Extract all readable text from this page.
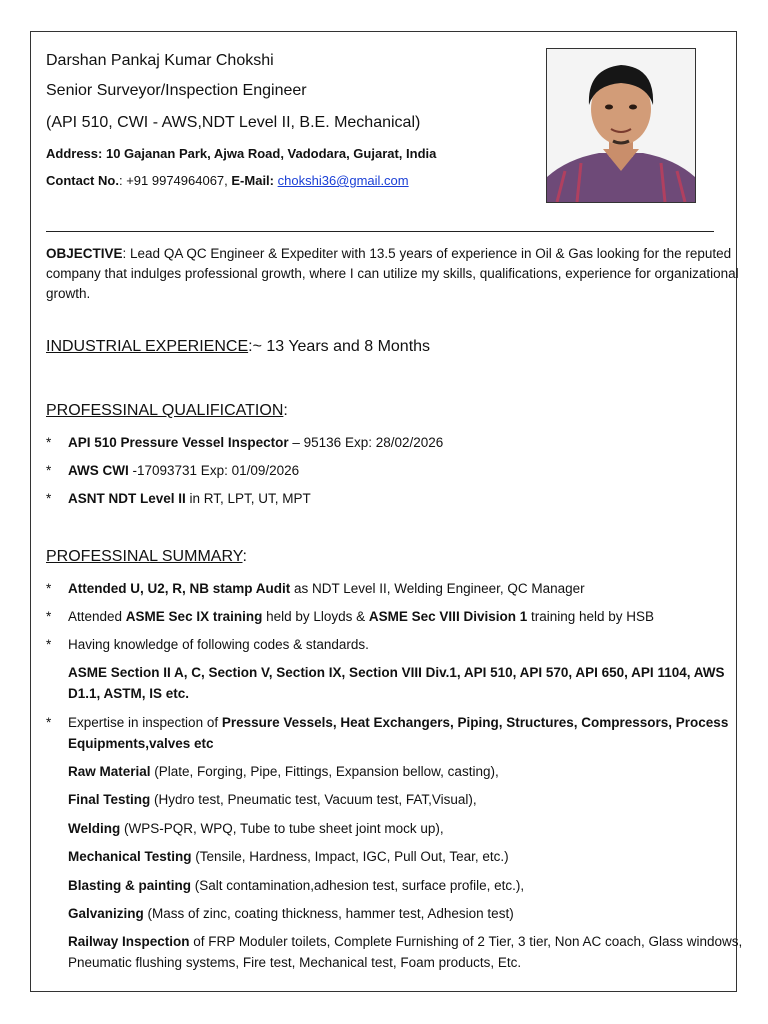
Darshan Pankaj Kumar Chokshi
Senior Surveyor/Inspection Engineer
(API 510, CWI - AWS,NDT Level II, B.E. Mechanical)
Address: 10 Gajanan Park, Ajwa Road, Vadodara, Gujarat, India
Contact No.: +91 9974964067, E-Mail: chokshi36@gmail.com
OBJECTIVE: Lead QA QC Engineer & Expediter with 13.5 years of experience in Oil & Gas looking for the reputed company that indulges professional growth, where I can utilize my skills, qualifications, experience for organizational growth.
INDUSTRIAL EXPERIENCE:~ 13 Years and 8 Months
PROFESSINAL QUALIFICATION:
* API 510 Pressure Vessel Inspector – 95136 Exp: 28/02/2026
* AWS CWI -17093731 Exp: 01/09/2026
* ASNT NDT Level II in RT, LPT, UT, MPT
PROFESSINAL SUMMARY:
* Attended U, U2, R, NB stamp Audit as NDT Level II, Welding Engineer, QC Manager
* Attended ASME Sec IX training held by Lloyds & ASME Sec VIII Division 1 training held by HSB
* Having knowledge of following codes & standards.
ASME Section II A, C, Section V, Section IX, Section VIII Div.1, API 510, API 570, API 650, API 1104, AWS D1.1, ASTM, IS etc.
* Expertise in inspection of Pressure Vessels, Heat Exchangers, Piping, Structures, Compressors, Process Equipments,valves etc
Raw Material (Plate, Forging, Pipe, Fittings, Expansion bellow, casting),
Final Testing (Hydro test, Pneumatic test, Vacuum test, FAT,Visual),
Welding (WPS-PQR, WPQ, Tube to tube sheet joint mock up),
Mechanical Testing (Tensile, Hardness, Impact, IGC, Pull Out, Tear, etc.)
Blasting & painting (Salt contamination,adhesion test, surface profile, etc.),
Galvanizing (Mass of zinc, coating thickness, hammer test, Adhesion test)
Railway Inspection of FRP Moduler toilets, Complete Furnishing of 2 Tier, 3 tier, Non AC coach, Glass windows, Pneumatic flushing systems, Fire test, Mechanical test, Foam products, Etc.
